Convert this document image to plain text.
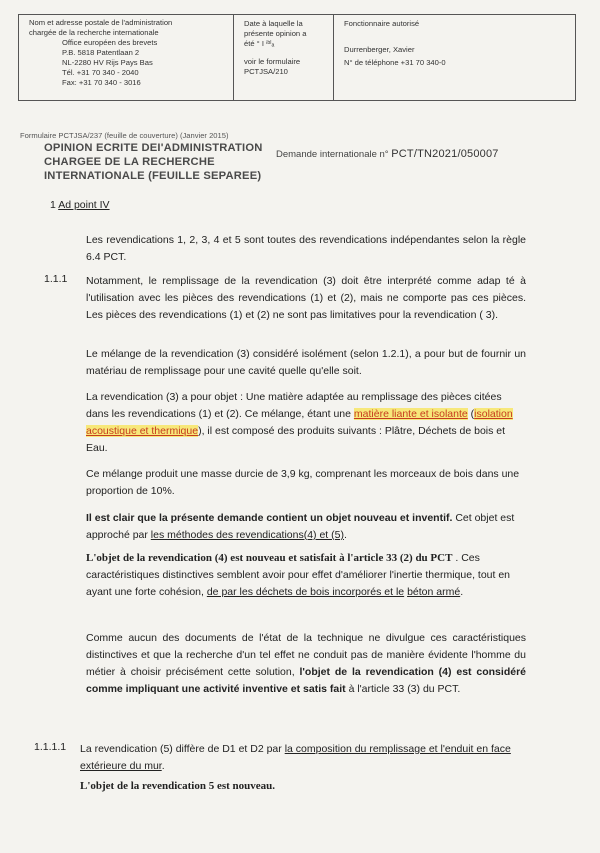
Nom et adresse postale de l'administration
chargée de la recherche internationale
Office européen des brevets
P.B. 5818 Patentlaan 2
NL-2280 HV Rijs Pays Bas
Tél. +31 70 340 - 2040
Fax: +31 70 340 - 3016
Date à laquelle la
présente opinion a
été ° I ⁱᵇˡₐ
voir le formulaire
PCTJSA/210
Fonctionnaire autorisé
Durrenberger, Xavier
N° de téléphone +31 70 340-0
Formulaire PCTJSA/237 (feuille de couverture) (Janvier 2015)
OPINION ECRITE DEI'ADMINISTRATION
CHARGEE DE LA RECHERCHE
INTERNATIONALE (FEUILLE SEPAREE)
Demande internationale n° PCT/TN2021/050007
1 Ad point IV
Les revendications 1, 2, 3, 4 et 5 sont toutes des revendications indépendantes selon la règle 6.4 PCT.
1.1.1 Notamment, le remplissage de la revendication (3) doit être interprété comme adap té à l'utilisation avec les pièces des revendications (1) et (2), mais ne comporte pas ces pièces. Les pièces des revendications (1) et (2) ne sont pas limitatives pour la revendication ( 3).
Le mélange de la revendication (3) considéré isolément (selon 1.2.1), a pour but de fournir un matériau de remplissage pour une cavité quelle qu'elle soit.
La revendication (3) a pour objet : Une matière adaptée au remplissage des pièces citées dans les revendications (1) et (2). Ce mélange, étant une matière liante et isolante (isolation acoustique et thermique), il est composé des produits suivants : Plâtre, Déchets de bois et Eau.
Ce mélange produit une masse durcie de 3,9 kg, comprenant les morceaux de bois dans une proportion de 10%.
Il est clair que la présente demande contient un objet nouveau et inventif. Cet objet est approché par les méthodes des revendications(4) et (5).
L'objet de la revendication (4) est nouveau et satisfait à l'article 33 (2) du PCT . Ces caractéristiques distinctives semblent avoir pour effet d'améliorer l'inertie thermique, tout en ayant une forte cohésion, de par les déchets de bois incorporés et le béton armé.
Comme aucun des documents de l'état de la technique ne divulgue ces caractéristiques distinctives et que la recherche d'un tel effet ne conduit pas de manière évidente l'homme du métier à choisir précisément cette solution, l'objet de la revendication (4) est considéré comme impliquant une activité inventive et satis fait à l'article 33 (3) du PCT.
1.1.1.1 La revendication (5) diffère de D1 et D2 par la composition du remplissage et l'enduit en face extérieure du mur.
L'objet de la revendication 5 est nouveau.
